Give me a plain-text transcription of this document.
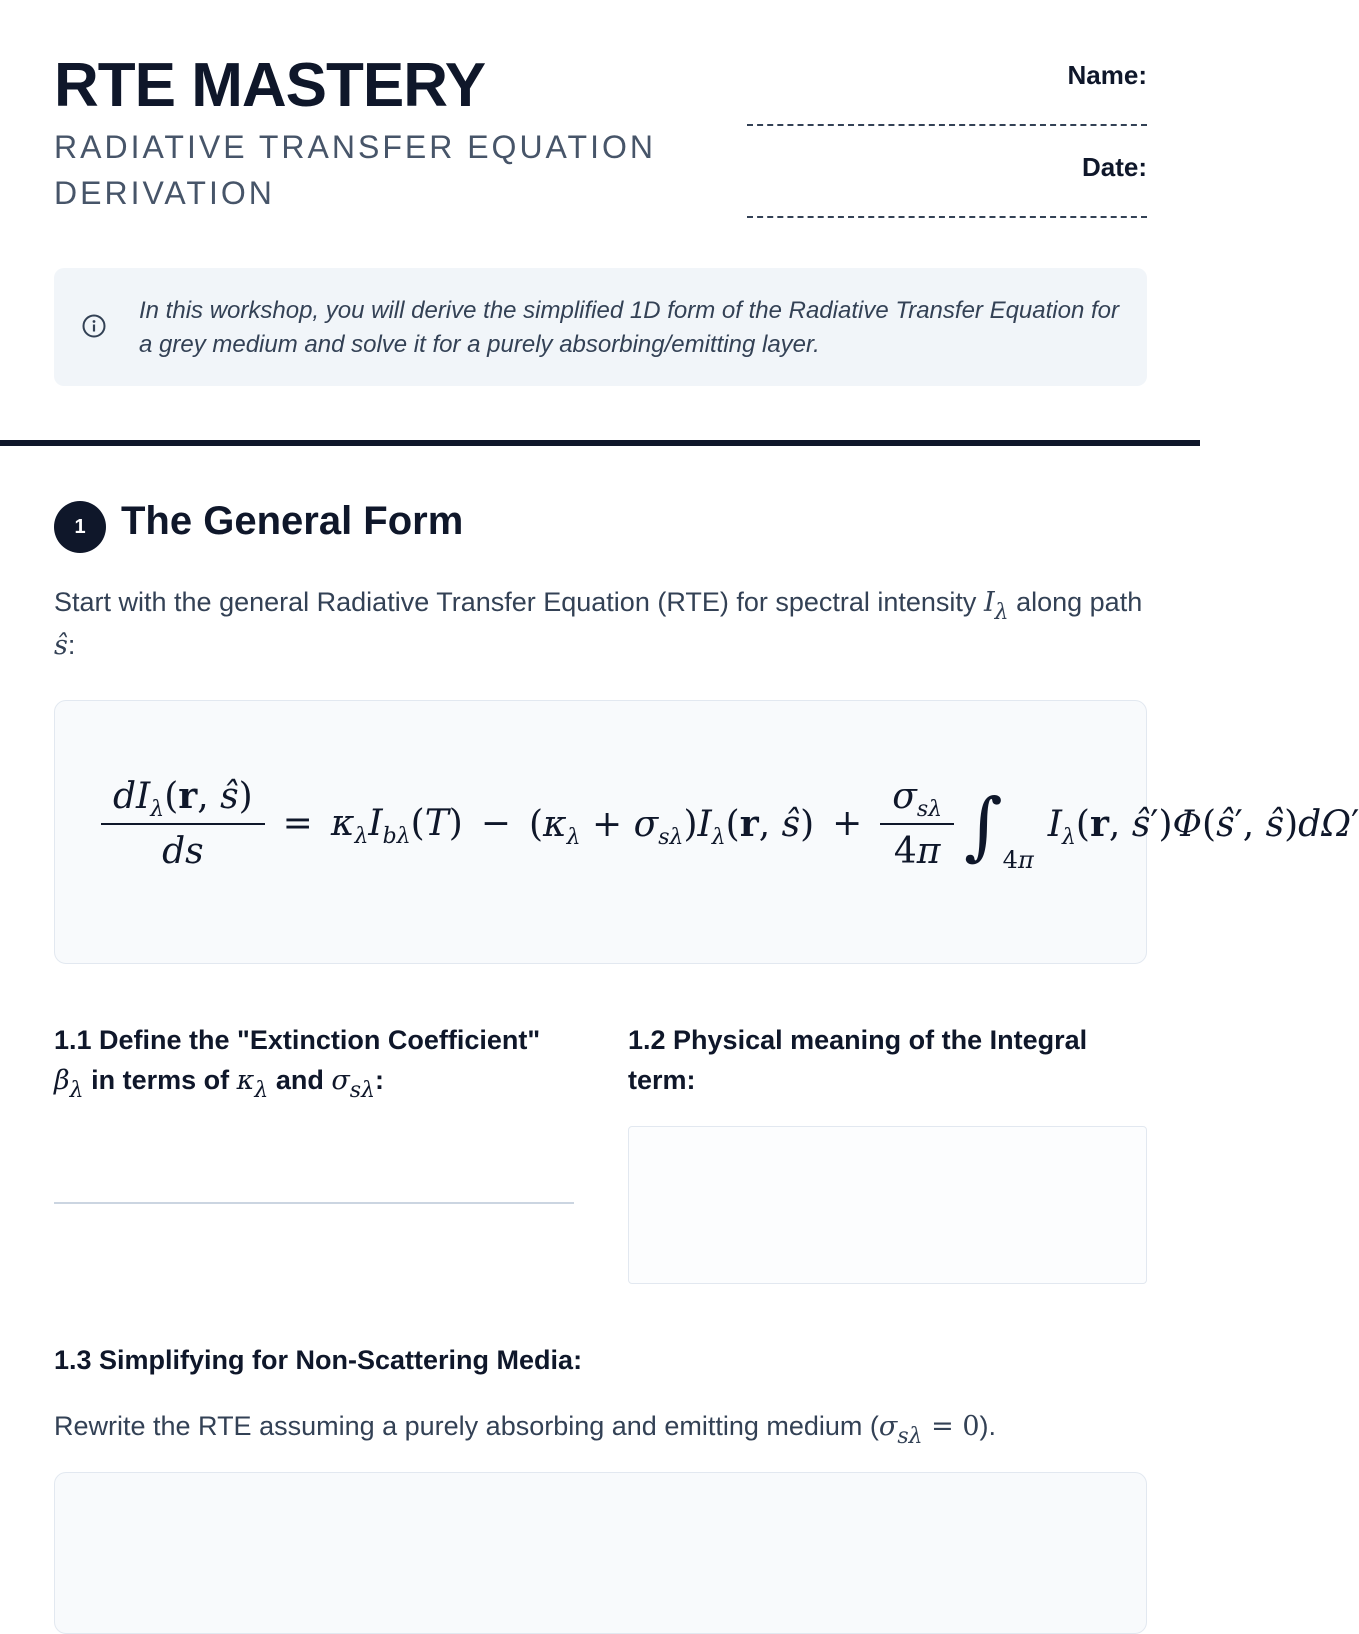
RTE MASTERY
RADIATIVE TRANSFER EQUATION DERIVATION
Name:
Date:
In this workshop, you will derive the simplified 1D form of the Radiative Transfer Equation for a grey medium and solve it for a purely absorbing/emitting layer.
1 The General Form
Start with the general Radiative Transfer Equation (RTE) for spectral intensity $I_\lambda$ along path ŝ:
$\frac{dI_\lambda(r, ŝ)}{ds} = \kappa_\lambda I_{b\lambda}(T) - (\kappa_\lambda + \sigma_{s\lambda})I_\lambda(r$, ŝ) + $\frac{\sigma_{s\lambda}}{4\pi}$ ∫ 4π
$I_\lambda(r$, ŝ′)Φ(ŝ′, ŝ)dΩ′
1.1 Define the "Extinction Coefficient"
$\beta_\lambda$ in terms of $\kappa_\lambda$ and $\sigma_{s\lambda}$:
1.2 Physical meaning of the Integral term:
1.3 Simplifying for Non-Scattering Media:
Rewrite the RTE assuming a purely absorbing and emitting medium $(\sigma_{s\lambda} = 0)$.
